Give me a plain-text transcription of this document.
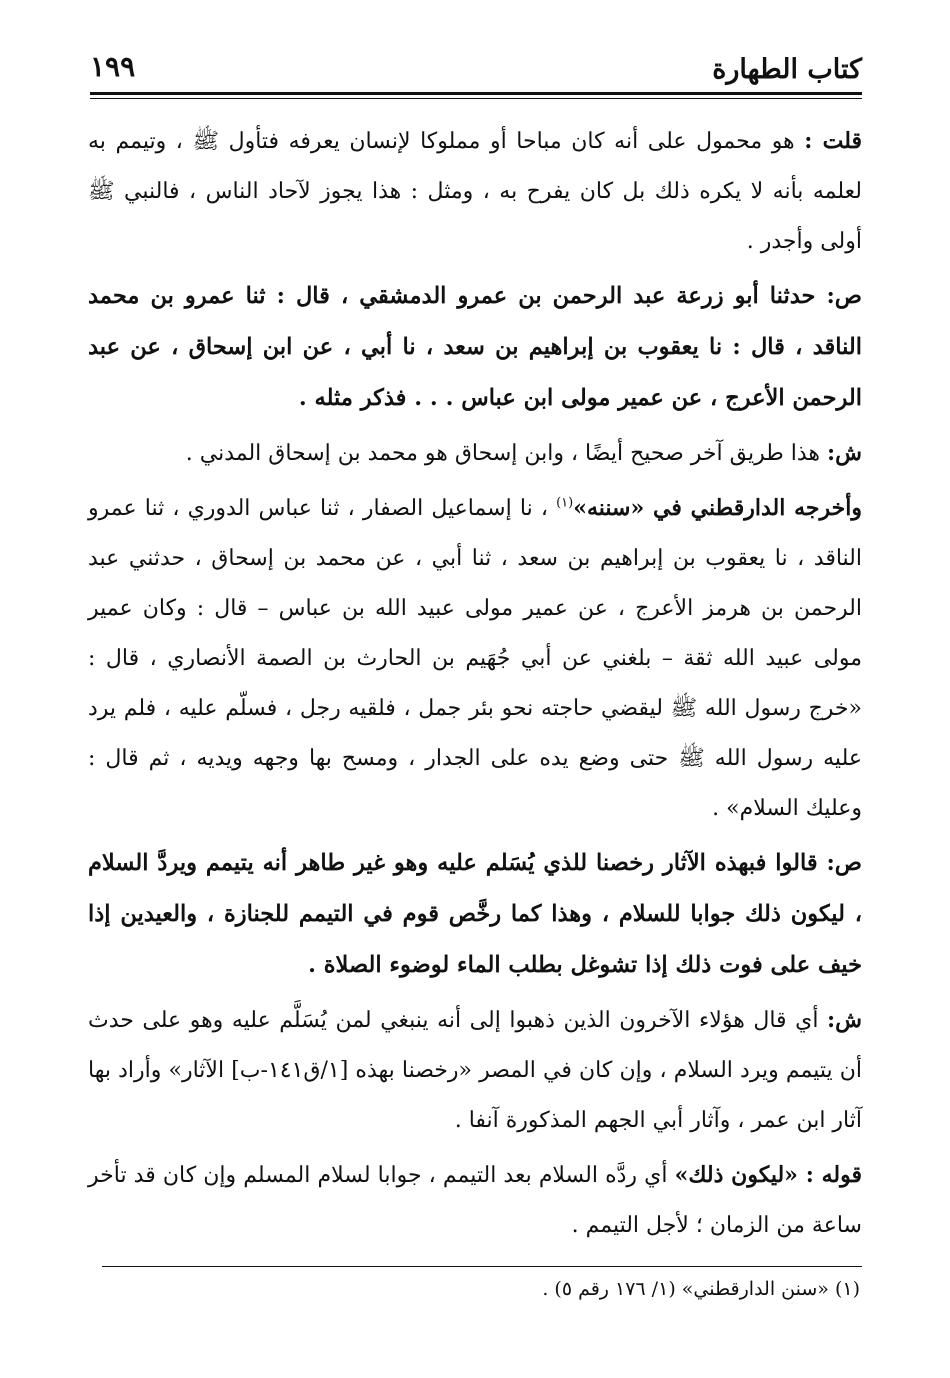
كتاب الطهارة
١٩٩

قلت : هو محمول على أنه كان مباحا أو مملوكا لإنسان يعرفه فتأول ﷺ ، وتيمم به لعلمه بأنه لا يكره ذلك بل كان يفرح به ، ومثل : هذا يجوز لآحاد الناس ، فالنبي ﷺ أولى وأجدر .

ص: حدثنا أبو زرعة عبد الرحمن بن عمرو الدمشقي ، قال : ثنا عمرو بن محمد الناقد ، قال : نا يعقوب بن إبراهيم بن سعد ، نا أبي ، عن ابن إسحاق ، عن عبد الرحمن الأعرج ، عن عمير مولى ابن عباس . . . فذكر مثله .

ش: هذا طريق آخر صحيح أيضًا ، وابن إسحاق هو محمد بن إسحاق المدني .

وأخرجه الدارقطني في «سننه»$^{(١)}$ ، نا إسماعيل الصفار ، ثنا عباس الدوري ، ثنا عمرو الناقد ، نا يعقوب بن إبراهيم بن سعد ، ثنا أبي ، عن محمد بن إسحاق ، حدثني عبد الرحمن بن هرمز الأعرج ، عن عمير مولى عبيد الله بن عباس – قال : وكان عمير مولى عبيد الله ثقة – بلغني عن أبي جُهَيم بن الحارث بن الصمة الأنصاري ، قال : «خرج رسول الله ﷺ ليقضي حاجته نحو بئر جمل ، فلقيه رجل ، فسلّم عليه ، فلم يرد عليه رسول الله ﷺ حتى وضع يده على الجدار ، ومسح بها وجهه ويديه ، ثم قال : وعليك السلام» .

ص: قالوا فبهذه الآثار رخصنا للذي يُسَلم عليه وهو غير طاهر أنه يتيمم ويردَّ السلام ، ليكون ذلك جوابا للسلام ، وهذا كما رخَّص قوم في التيمم للجنازة ، والعيدين إذا خيف على فوت ذلك إذا تشوغل بطلب الماء لوضوء الصلاة .

ش: أي قال هؤلاء الآخرون الذين ذهبوا إلى أنه ينبغي لمن يُسَلَّم عليه وهو على حدث أن يتيمم ويرد السلام ، وإن كان في المصر «رخصنا بهذه [١/ق١٤١-ب] الآثار» وأراد بها آثار ابن عمر ، وآثار أبي الجهم المذكورة آنفا .

قوله : «ليكون ذلك» أي ردَّه السلام بعد التيمم ، جوابا لسلام المسلم وإن كان قد تأخر ساعة من الزمان ؛ لأجل التيمم .

(١) «سنن الدارقطني» (١/ ١٧٦ رقم ٥) .
